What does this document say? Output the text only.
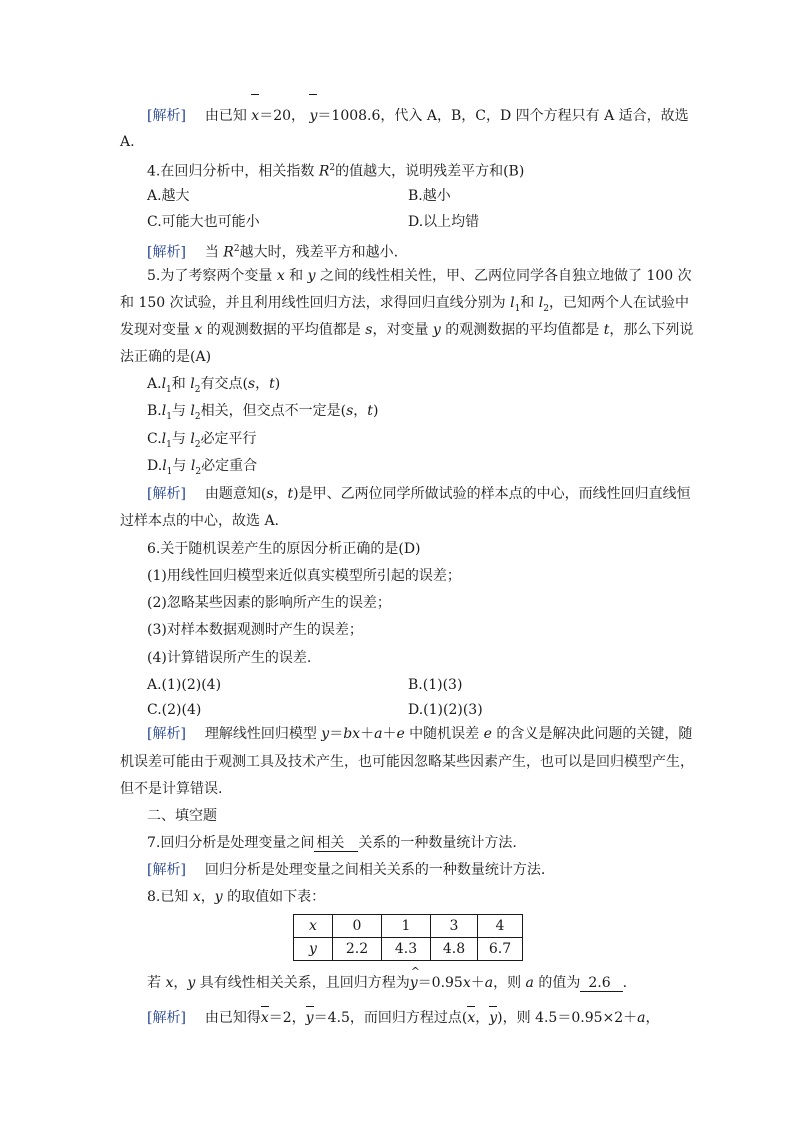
[解析] 由已知 x＝20， y＝1008.6，代入 A，B，C，D 四个方程只有 A 适合，故选
A.
4.在回归分析中，相关指数 $R^2$的值越大，说明残差平方和(B)
A.越大	B.越小
C.可能大也可能小	D.以上均错
[解析] 当 $R^2$越大时，残差平方和越小.
5.为了考察两个变量 x 和 y 之间的线性相关性，甲、乙两位同学各自独立地做了 100 次
和 150 次试验，并且利用线性回归方法，求得回归直线分别为 $l_1$和 $l_2$，已知两个人在试验中
发现对变量 x 的观测数据的平均值都是 s，对变量 y 的观测数据的平均值都是 t，那么下列说
法正确的是(A)
$A.l_1$和 $l_2$有交点(s，t)
$B.l_1$与 $l_2$相关，但交点不一定是(s，t)
$C.l_1$与 $l_2$必定平行
$D.l_1$与 $l_2$必定重合
[解析] 由题意知(s，t)是甲、乙两位同学所做试验的样本点的中心，而线性回归直线恒
过样本点的中心，故选 A.
6.关于随机误差产生的原因分析正确的是(D)
(1)用线性回归模型来近似真实模型所引起的误差；
(2)忽略某些因素的影响所产生的误差；
(3)对样本数据观测时产生的误差；
(4)计算错误所产生的误差.
A.(1)(2)(4)	B.(1)(3)
C.(2)(4)	D.(1)(2)(3)
[解析] 理解线性回归模型 y＝bx＋a＋e 中随机误差 e 的含义是解决此问题的关键，随
机误差可能由于观测工具及技术产生，也可能因忽略某些因素产生，也可以是回归模型产生，
但不是计算错误.
二、填空题
7.回归分析是处理变量之间 相关 关系的一种数量统计方法.
[解析] 回归分析是处理变量之间相关关系的一种数量统计方法.
8.已知 x，y 的取值如下表：
x	0	1	3	4
y	2.2	4.3	4.8	6.7
若 x，y 具有线性相关关系，且回归方程为^ y＝0.95x＋a，则 a 的值为 2.6 .
[解析] 由已知得x＝2，y＝4.5，而回归方程过点(x，y)，则 4.5＝0.95×2＋a，
